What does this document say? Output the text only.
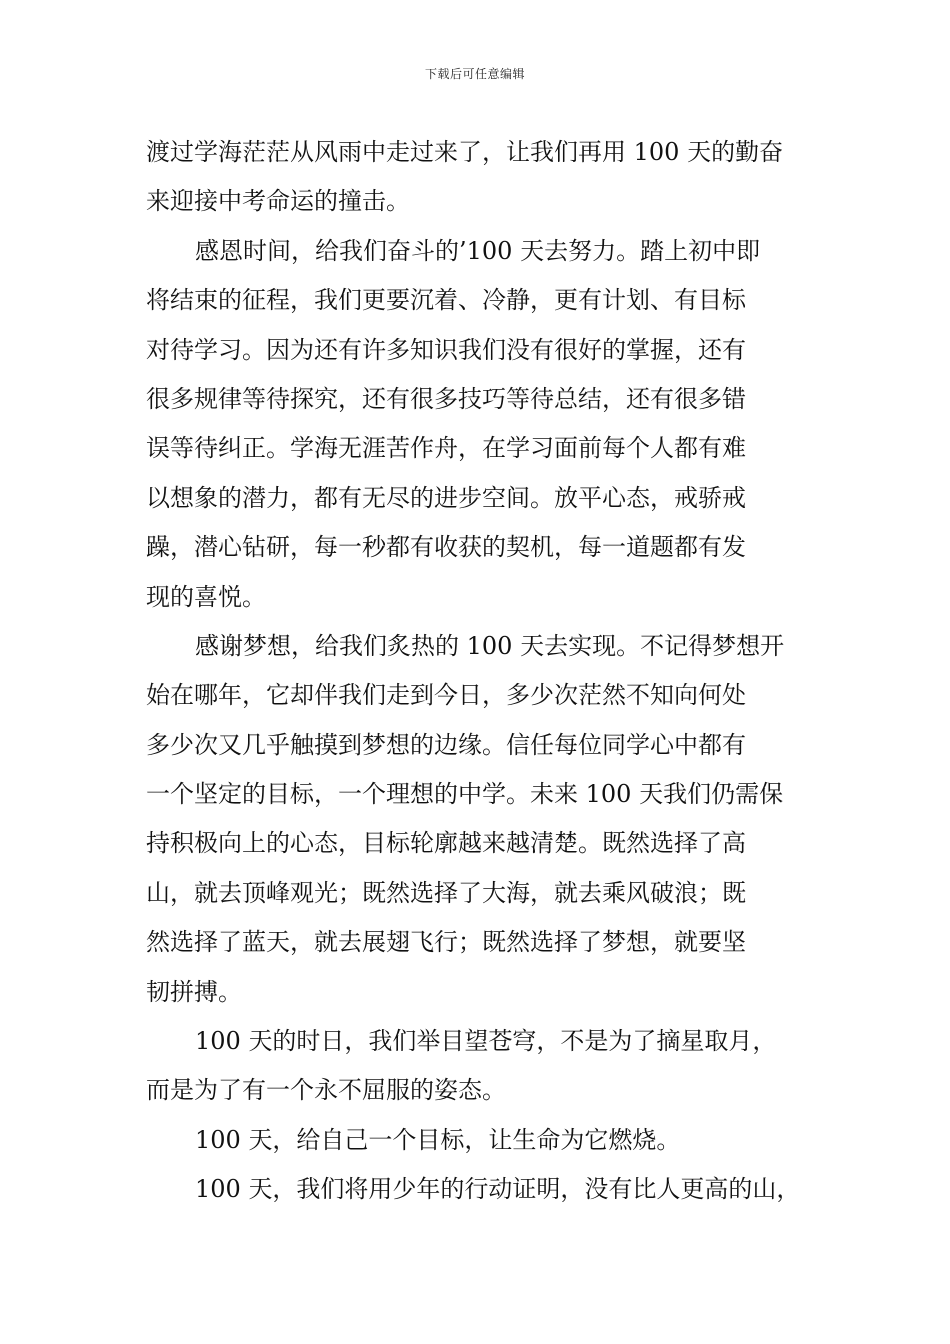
下载后可任意编辑

渡过学海茫茫从风雨中走过来了，让我们再用 100 天的勤奋
来迎接中考命运的撞击。

感恩时间，给我们奋斗的’100 天去努力。踏上初中即
将结束的征程，我们更要沉着、冷静，更有计划、有目标
对待学习。因为还有许多知识我们没有很好的掌握，还有
很多规律等待探究，还有很多技巧等待总结，还有很多错
误等待纠正。学海无涯苦作舟，在学习面前每个人都有难
以想象的潜力，都有无尽的进步空间。放平心态，戒骄戒
躁，潜心钻研，每一秒都有收获的契机，每一道题都有发
现的喜悦。

感谢梦想，给我们炙热的 100 天去实现。不记得梦想开
始在哪年，它却伴我们走到今日，多少次茫然不知向何处
多少次又几乎触摸到梦想的边缘。信任每位同学心中都有
一个坚定的目标，一个理想的中学。未来 100 天我们仍需保
持积极向上的心态，目标轮廓越来越清楚。既然选择了高
山，就去顶峰观光；既然选择了大海，就去乘风破浪；既
然选择了蓝天，就去展翅飞行；既然选择了梦想，就要坚
韧拼搏。

100 天的时日，我们举目望苍穹，不是为了摘星取月，
而是为了有一个永不屈服的姿态。

100 天，给自己一个目标，让生命为它燃烧。

100 天，我们将用少年的行动证明，没有比人更高的山，
